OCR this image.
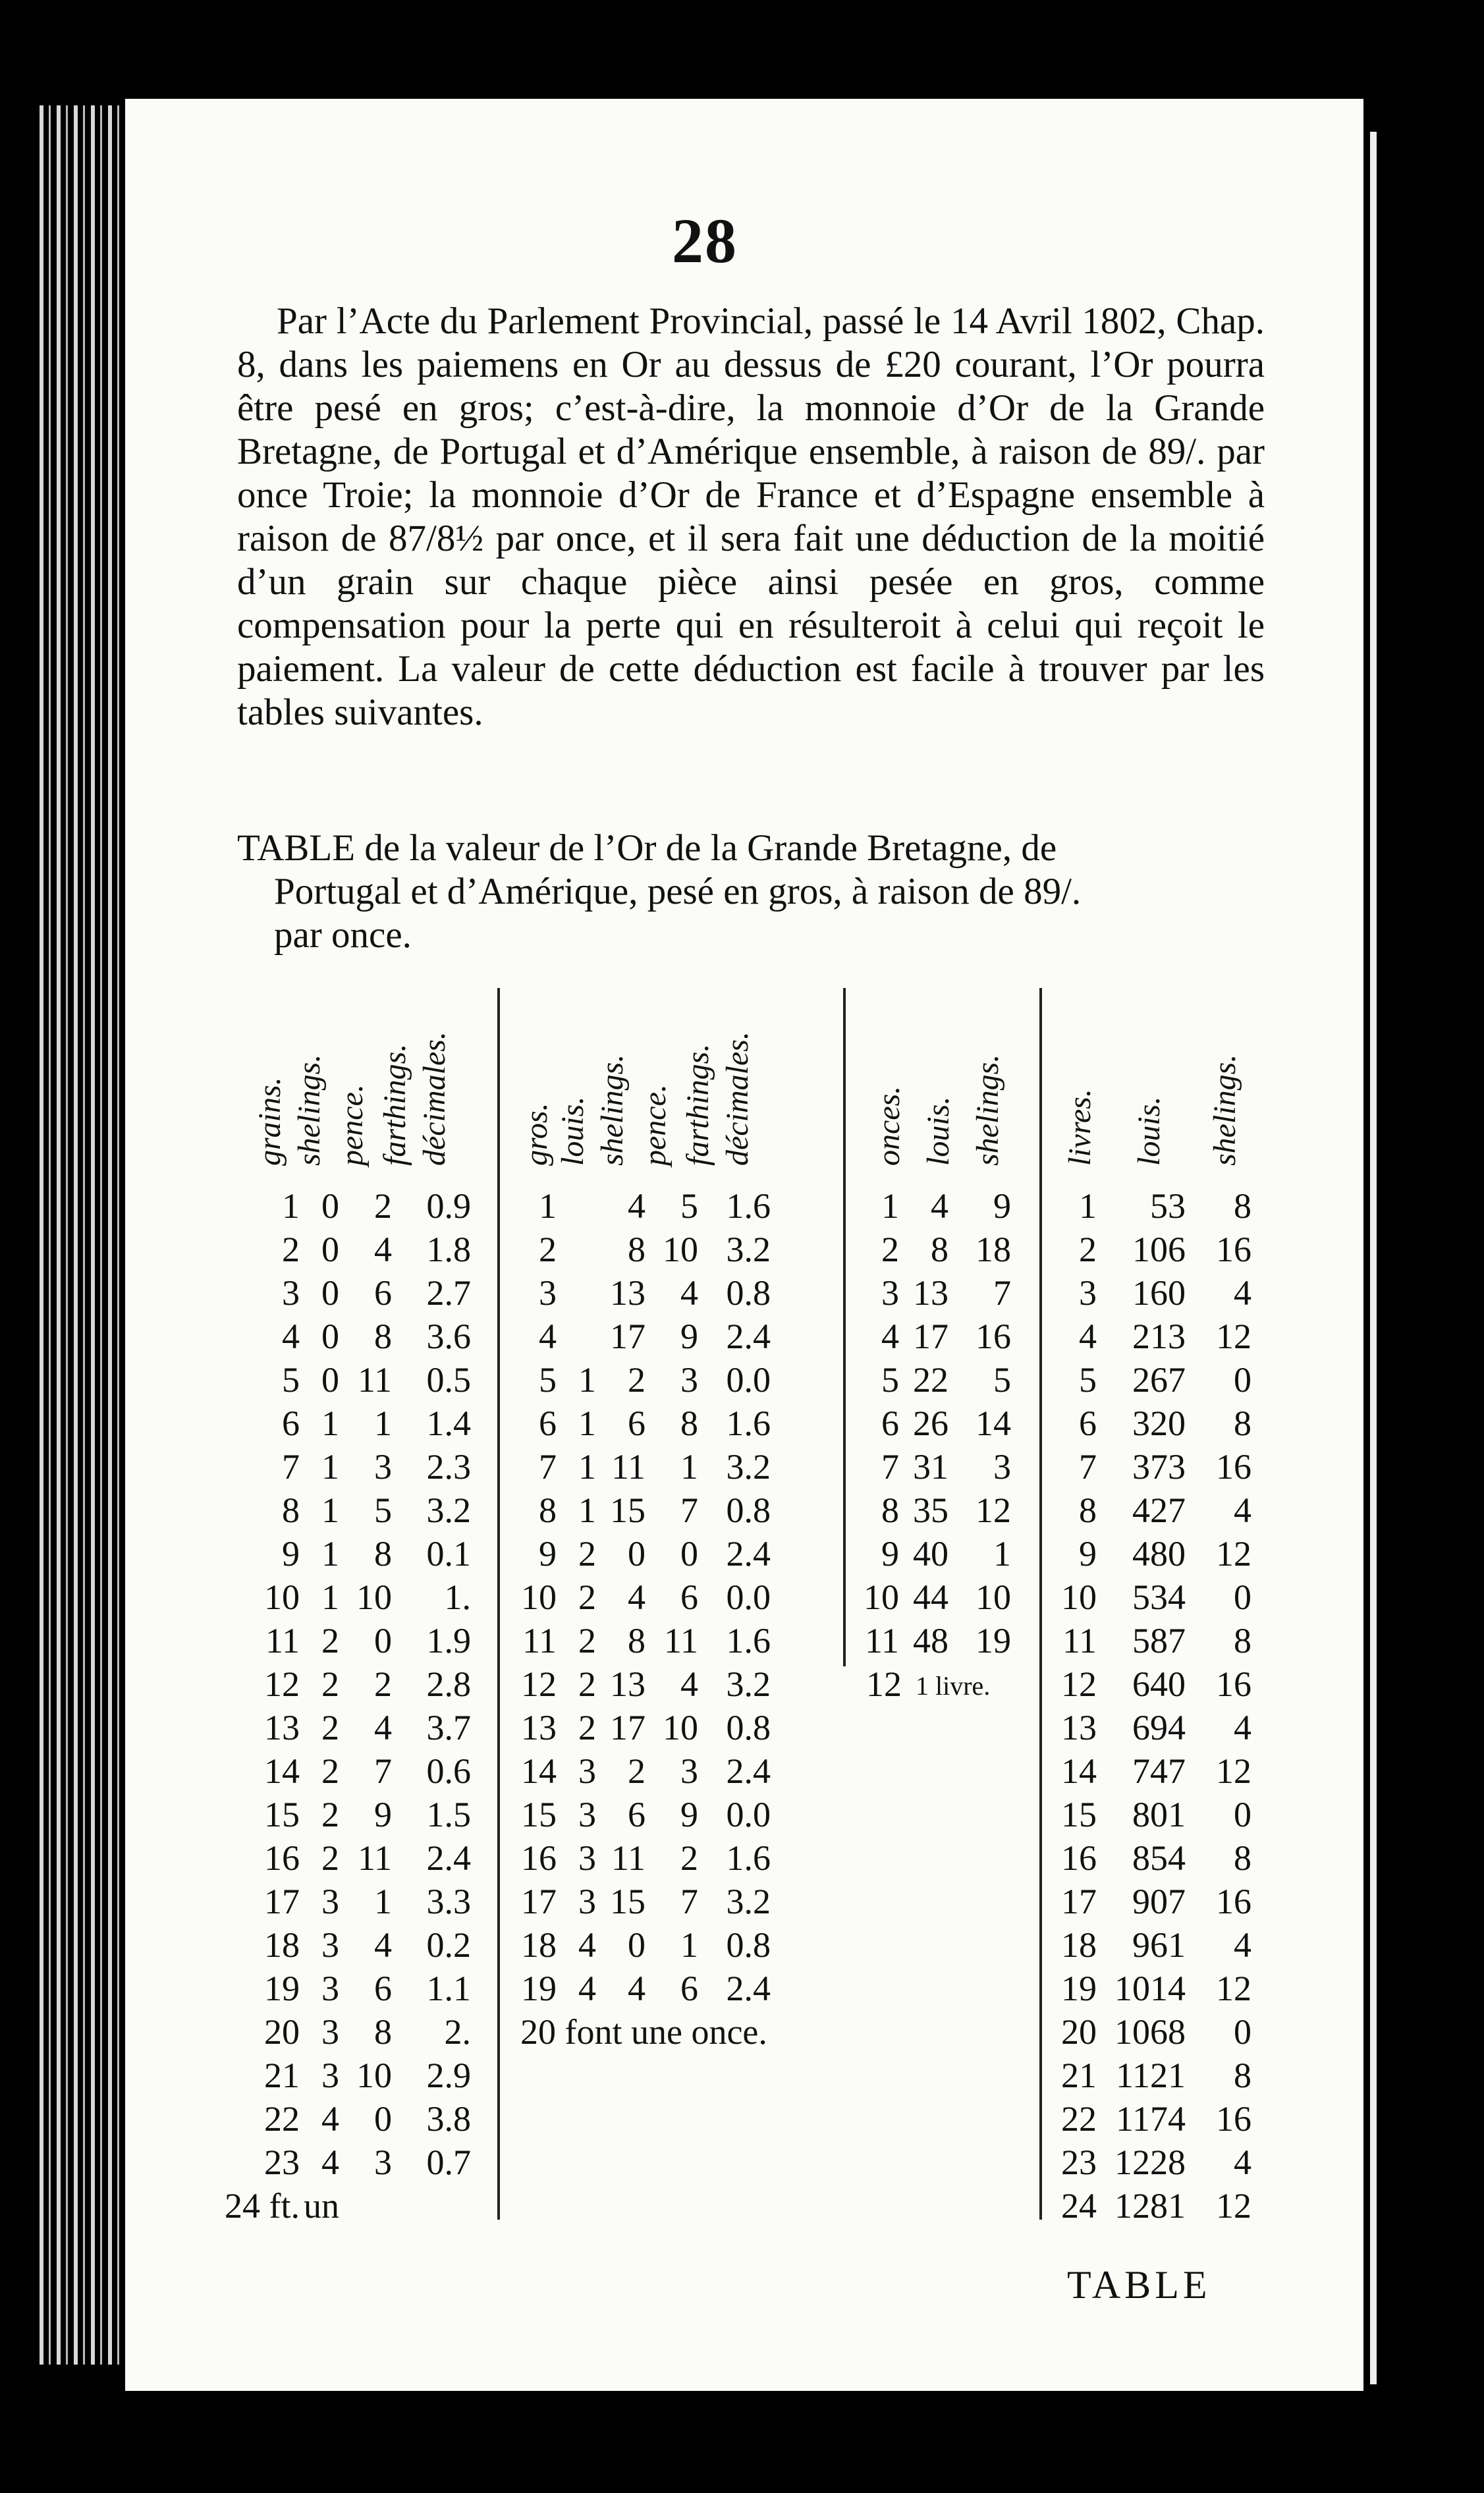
28
Par l’Acte du Parlement Provincial, passé le 14 Avril 1802, Chap. 8, dans les paiemens en Or au dessus de £20 courant, l’Or pourra être pesé en gros; c’est-à-dire, la monnoie d’Or de la Grande Bretagne, de Portugal et d’Amérique ensemble, à raison de 89/. par once Troie; la monnoie d’Or de France et d’Espagne ensemble à raison de 87/8½ par once, et il sera fait une déduction de la moitié d’un grain sur chaque pièce ainsi pesée en gros, comme compensation pour la perte qui en résulteroit à celui qui reçoit le paiement. La valeur de cette déduction est facile à trouver par les tables suivantes.
TABLE de la valeur de l’Or de la Grande Bretagne, de
Portugal et d’Amérique, pesé en gros, à raison de 89/.
par once.
grains. shelings. pence. farthings. décimales.
1 0 2 0.9
2 0 4 1.8
3 0 6 2.7
4 0 8 3.6
5 0 11 0.5
6 1 1 1.4
7 1 3 2.3
8 1 5 3.2
9 1 8 0.1
10 1 10 1.
11 2 0 1.9
12 2 2 2.8
13 2 4 3.7
14 2 7 0.6
15 2 9 1.5
16 2 11 2.4
17 3 1 3.3
18 3 4 0.2
19 3 6 1.1
20 3 8 2.
21 3 10 2.9
22 4 0 3.8
23 4 3 0.7
24 ft. un
gros. louis. shelings. pence. farthings. décimales.
1 4 5 1.6
2 8 10 3.2
3 13 4 0.8
4 17 9 2.4
5 1 2 3 0.0
6 1 6 8 1.6
7 1 11 1 3.2
8 1 15 7 0.8
9 2 0 0 2.4
10 2 4 6 0.0
11 2 8 11 1.6
12 2 13 4 3.2
13 2 17 10 0.8
14 3 2 3 2.4
15 3 6 9 0.0
16 3 11 2 1.6
17 3 15 7 3.2
18 4 0 1 0.8
19 4 4 6 2.4
20 font une once.
onces. louis. shelings.
1 4 9
2 8 18
3 13 7
4 17 16
5 22 5
6 26 14
7 31 3
8 35 12
9 40 1
10 44 10
11 48 19
12 1 livre.
livres. louis. shelings.
1 53 8
2 106 16
3 160 4
4 213 12
5 267 0
6 320 8
7 373 16
8 427 4
9 480 12
10 534 0
11 587 8
12 640 16
13 694 4
14 747 12
15 801 0
16 854 8
17 907 16
18 961 4
19 1014 12
20 1068 0
21 1121 8
22 1174 16
23 1228 4
24 1281 12
TABLE
